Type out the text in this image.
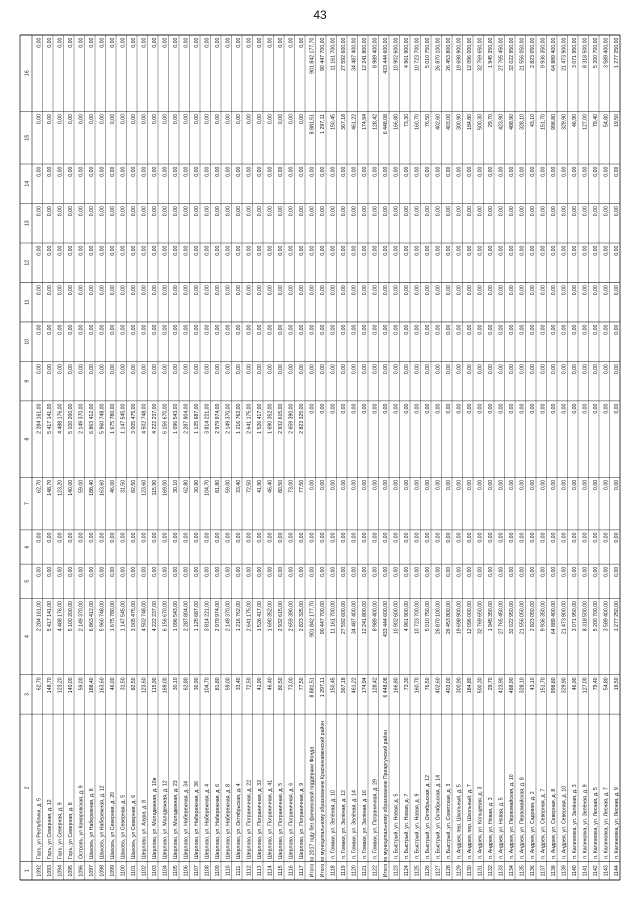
43
1
2
3
4
5
6
7
8
9
10
11
12
13
14
15
16
1092
Горъ, ул Республики, д. 5
62,70
2 284 161,00
0,00
0,00
62,70
2 284 161,00
0,00
0,00
0,00
0,00
0,00
0,00
0,00
0,00
1093
Горъ, ул Северная, д. 12
148,70
5 417 141,00
0,00
0,00
148,70
5 417 141,00
0,00
0,00
0,00
0,00
0,00
0,00
0,00
0,00
1094
Горъ, ул Северная, д. 9
123,20
4 488 176,00
0,00
0,00
123,20
4 488 176,00
0,00
0,00
0,00
0,00
0,00
0,00
0,00
0,00
1095
Горъ, ул Северная, д. 8
140,00
5 100 200,00
0,00
0,00
140,00
5 100 200,00
0,00
0,00
0,00
0,00
0,00
0,00
0,00
0,00
1096
Островъ, ул Комаровская, д. 9
59,00
2 149 370,00
0,00
0,00
59,00
2 149 370,00
0,00
0,00
0,00
0,00
0,00
0,00
0,00
0,00
1097
Шаховъ, ул Набережная, д. 8
188,40
6 863 412,00
0,00
0,00
188,40
6 863 412,00
0,00
0,00
0,00
0,00
0,00
0,00
0,00
0,00
1098
Шаховъ, ул Набережная, д. 12
163,60
5 960 748,00
0,00
0,00
163,60
5 960 748,00
0,00
0,00
0,00
0,00
0,00
0,00
0,00
0,00
1099
Шаховъ, ул Северная, д. 20
46,00
1 675 780,00
0,00
0,00
46,00
1 675 780,00
0,00
0,00
0,00
0,00
0,00
0,00
0,00
0,00
1100
Шаховъ, ул Северная, д. 5
31,50
1 147 545,00
0,00
0,00
31,50
1 147 545,00
0,00
0,00
0,00
0,00
0,00
0,00
0,00
0,00
1101
Шаховъ, ул Северная, д. 6
82,50
3 005 475,00
0,00
0,00
82,50
3 005 475,00
0,00
0,00
0,00
0,00
0,00
0,00
0,00
0,00
1102
Шерлово, ул. Азура, д. 8
123,60
4 502 748,00
0,00
0,00
123,60
4 502 748,00
0,00
0,00
0,00
0,00
0,00
0,00
0,00
0,00
1103
Шерлово, ул. Молодежная, д. 10в
115,90
4 222 237,00
0,00
0,00
115,90
4 222 237,00
0,00
0,00
0,00
0,00
0,00
0,00
0,00
0,00
1104
Шерлово, ул. Молодежная, д. 12
169,00
6 156 670,00
0,00
0,00
169,00
6 156 670,00
0,00
0,00
0,00
0,00
0,00
0,00
0,00
0,00
1105
Шерлово, ул. Молодежная, д. 23
30,10
1 096 543,00
0,00
0,00
30,10
1 096 543,00
0,00
0,00
0,00
0,00
0,00
0,00
0,00
0,00
1106
Шерлово, ул. Набережная, д. 34
62,80
2 287 804,00
0,00
0,00
62,80
2 287 804,00
0,00
0,00
0,00
0,00
0,00
0,00
0,00
0,00
1107
Шерлово, ул. Набережная, д. 36
30,90
1 125 687,00
0,00
0,00
30,90
1 125 687,00
0,00
0,00
0,00
0,00
0,00
0,00
0,00
0,00
1108
Шерлово, ул. Набережная, д. 4
104,70
3 814 221,00
0,00
0,00
104,70
3 814 221,00
0,00
0,00
0,00
0,00
0,00
0,00
0,00
0,00
1109
Шерлово, ул. Набережная, д. 6
81,80
2 979 974,00
0,00
0,00
81,80
2 979 974,00
0,00
0,00
0,00
0,00
0,00
0,00
0,00
0,00
1110
Шерлово, ул. Набережная, д. 8
59,00
2 149 370,00
0,00
0,00
59,00
2 149 370,00
0,00
0,00
0,00
0,00
0,00
0,00
0,00
0,00
1111
Шерлово, ул. Октябрьская, д. 4
33,40
1 216 762,00
0,00
0,00
33,40
1 216 762,00
0,00
0,00
0,00
0,00
0,00
0,00
0,00
0,00
1112
Шерлово, ул. Пограничная, д. 22
72,50
2 641 175,00
0,00
0,00
72,50
2 641 175,00
0,00
0,00
0,00
0,00
0,00
0,00
0,00
0,00
1113
Шерлово, ул. Пограничная, д. 32
41,90
1 526 417,00
0,00
0,00
41,90
1 526 417,00
0,00
0,00
0,00
0,00
0,00
0,00
0,00
0,00
1114
Шерлово, ул. Пограничная, д. 41
46,40
1 690 352,00
0,00
0,00
46,40
1 690 352,00
0,00
0,00
0,00
0,00
0,00
0,00
0,00
0,00
1115
Шерлово, ул. Пограничная, д. 5
80,50
2 932 615,00
0,00
0,00
80,50
2 932 615,00
0,00
0,00
0,00
0,00
0,00
0,00
0,00
0,00
1116
Шерлово, ул. Пограничная, д. 6
73,00
2 659 390,00
0,00
0,00
73,00
2 659 390,00
0,00
0,00
0,00
0,00
0,00
0,00
0,00
0,00
1117
Шерлово, ул. Пограничная, д. 9
77,50
2 823 325,00
0,00
0,00
77,50
2 823 325,00
0,00
0,00
0,00
0,00
0,00
0,00
0,00
0,00
Итого по 2017 году без финансовой поддержки Фонда
8 881,51
901 842 177,70
0,00
0,00
0,00
0,00
0,00
0,00
0,00
0,00
0,00
0,00
8 881,51
901 842 177,70
Итого по муниципальному образованию Краснокаменский район
1 297,11
90 447 700,00
0,00
0,00
0,00
0,00
0,00
0,00
0,00
0,00
0,00
0,00
1 297,11
90 447 700,00
1118
п. Гомаки, ул. Зелёная, д. 10
150,45
11 161 700,00
0,00
0,00
0,00
0,00
0,00
0,00
0,00
0,00
0,00
0,00
150,45
11 161 700,00
1119
п. Гомаки, ул. Зелёная, д. 12
367,18
27 592 600,00
0,00
0,00
0,00
0,00
0,00
0,00
0,00
0,00
0,00
0,00
367,18
27 592 600,00
1120
п. Гомаки, ул. Зелёная, д. 14
461,22
34 487 400,00
0,00
0,00
0,00
0,00
0,00
0,00
0,00
0,00
0,00
0,00
461,22
34 487 400,00
1121
п. Гомаки, ул. Зелёная, д. 16
174,94
12 241 800,00
0,00
0,00
0,00
0,00
0,00
0,00
0,00
0,00
0,00
0,00
174,94
12 241 800,00
1122
п. Гомаки, ул. Пограничная, д. 29
128,42
8 989 400,00
0,00
0,00
0,00
0,00
0,00
0,00
0,00
0,00
0,00
0,00
128,42
8 989 400,00
Итого по муниципальному образованию Приаргунский район
6 448,08
433 444 600,00
0,00
0,00
0,00
0,00
0,00
0,00
0,00
0,00
0,00
0,00
6 448,08
433 444 600,00
1123
п. Быстрый, ул. Новая, д. 5
166,80
10 902 600,00
0,00
0,00
0,00
0,00
0,00
0,00
0,00
0,00
0,00
0,00
166,80
10 902 600,00
1124
п. Быстрый, ул. Новая, д. 7
73,30
4 961 900,00
0,00
0,00
0,00
0,00
0,00
0,00
0,00
0,00
0,00
0,00
73,30
4 961 900,00
1125
п. Быстрый, ул. Новая, д. 9
160,70
10 723 700,00
0,00
0,00
0,00
0,00
0,00
0,00
0,00
0,00
0,00
0,00
160,70
10 723 700,00
1126
п. Быстрый, ул. Октябрьская, д. 12
76,50
5 010 750,00
0,00
0,00
0,00
0,00
0,00
0,00
0,00
0,00
0,00
0,00
76,50
5 010 750,00
1127
п. Быстрый, ул. Октябрьская, д. 14
402,60
26 870 100,00
0,00
0,00
0,00
0,00
0,00
0,00
0,00
0,00
0,00
0,00
402,60
26 870 100,00
1128
п. Быстрый, ул. Советская, д. 3
403,00
26 453 800,00
0,00
0,00
0,00
0,00
0,00
0,00
0,00
0,00
0,00
0,00
403,00
26 453 800,00
1129
п. Андрея, пер. Школьный, д. 5
300,90
19 698 900,00
0,00
0,00
0,00
0,00
0,00
0,00
0,00
0,00
0,00
0,00
300,90
19 698 900,00
1130
п. Андрея, пер. Школьный, д. 7
184,80
12 096 000,00
0,00
0,00
0,00
0,00
0,00
0,00
0,00
0,00
0,00
0,00
184,80
12 096 000,00
1131
п. Андрея, ул. Кольцевая, д. 3
500,30
32 769 650,00
0,00
0,00
0,00
0,00
0,00
0,00
0,00
0,00
0,00
0,00
500,30
32 769 650,00
1132
п. Андрея, ул. Новая, д. 3
29,70
1 945 350,00
0,00
0,00
0,00
0,00
0,00
0,00
0,00
0,00
0,00
0,00
29,70
1 945 350,00
1133
п. Андрея, ул. Новая, д. 5
423,90
27 765 450,00
0,00
0,00
0,00
0,00
0,00
0,00
0,00
0,00
0,00
0,00
423,90
27 765 450,00
1134
п. Андрея, ул. Первомайская, д. 10
488,90
32 022 950,00
0,00
0,00
0,00
0,00
0,00
0,00
0,00
0,00
0,00
0,00
488,90
32 022 950,00
1135
п. Андрея, ул. Первомайская, д. 8
328,10
21 556 050,00
0,00
0,00
0,00
0,00
0,00
0,00
0,00
0,00
0,00
0,00
328,10
21 556 050,00
1136
п. Андрея, ул. Садовая, д. 2
43,10
2 823 050,00
0,00
0,00
0,00
0,00
0,00
0,00
0,00
0,00
0,00
0,00
43,10
2 823 050,00
1137
п. Андрея, ул. Северная, д. 7
151,70
9 936 350,00
0,00
0,00
0,00
0,00
0,00
0,00
0,00
0,00
0,00
0,00
151,70
9 936 350,00
1138
п. Андрея, ул. Северная, д. 8
998,80
64 889 400,00
0,00
0,00
0,00
0,00
0,00
0,00
0,00
0,00
0,00
0,00
998,80
64 889 400,00
1139
п. Андрея, ул. Северная, д. 10
329,90
21 473 900,00
0,00
0,00
0,00
0,00
0,00
0,00
0,00
0,00
0,00
0,00
329,90
21 473 900,00
1140
п. Калиновка, ул. Зелёная, д. 3
46,90
3 071 950,00
0,00
0,00
0,00
0,00
0,00
0,00
0,00
0,00
0,00
0,00
46,90
3 071 950,00
1141
п. Калиновка, ул. Зелёная, д. 9
127,00
8 318 500,00
0,00
0,00
0,00
0,00
0,00
0,00
0,00
0,00
0,00
0,00
127,00
8 318 500,00
1142
п. Калиновка, ул. Лесная, д. 5
79,40
5 200 700,00
0,00
0,00
0,00
0,00
0,00
0,00
0,00
0,00
0,00
0,00
79,40
5 200 700,00
1143
п. Калиновка, ул. Лесная, д. 7
54,80
3 589 400,00
0,00
0,00
0,00
0,00
0,00
0,00
0,00
0,00
0,00
0,00
54,80
3 589 400,00
1144
п. Калиновка, ул. Лесная, д. 9
19,50
1 277 250,00
0,00
0,00
0,00
0,00
0,00
0,00
0,00
0,00
0,00
0,00
19,50
1 277 250,00
